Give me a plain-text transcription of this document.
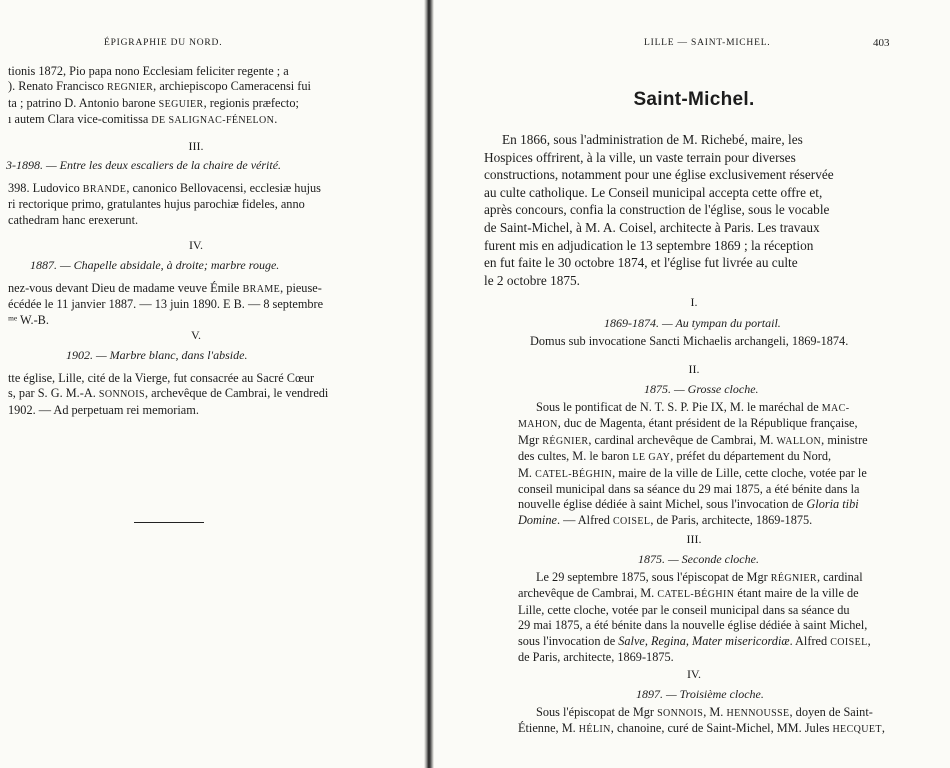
ÉPIGRAPHIE DU NORD.
tionis 1872, Pio papa nono Ecclesiam feliciter regente ; a
). Renato Francisco REGNIER, archiepiscopo Cameracensi fui
ta ; patrino D. Antonio barone SEGUIER, regionis præfecto;
ı autem Clara vice-comitissa DE SALIGNAC-FÉNELON.
III.
3-1898. — Entre les deux escaliers de la chaire de vérité.
398. Ludovico BRANDE, canonico Bellovacensi, ecclesiæ hujus
ri rectorique primo, gratulantes hujus parochiæ fideles, anno
cathedram hanc erexerunt.
IV.
1887. — Chapelle absidale, à droite; marbre rouge.
nez-vous devant Dieu de madame veuve Émile BRAME, pieuse-
écédée le 11 janvier 1887. — 13 juin 1890. E B. — 8 septembre
ᵐᵉ W.-B.
V.
1902. — Marbre blanc, dans l'abside.
tte église, Lille, cité de la Vierge, fut consacrée au Sacré Cœur
s, par S. G. M.-A. SONNOIS, archevêque de Cambrai, le vendredi
1902. — Ad perpetuam rei memoriam.
LILLE — SAINT-MICHEL.	403
Saint-Michel.
En 1866, sous l'administration de M. Richebé, maire, les
Hospices offrirent, à la ville, un vaste terrain pour diverses
constructions, notamment pour une église exclusivement réservée
au culte catholique. Le Conseil municipal accepta cette offre et,
après concours, confia la construction de l'église, sous le vocable
de Saint-Michel, à M. A. Coisel, architecte à Paris. Les travaux
furent mis en adjudication le 13 septembre 1869 ; la réception
en fut faite le 30 octobre 1874, et l'église fut livrée au culte
le 2 octobre 1875.
I.
1869-1874. — Au tympan du portail.
Domus sub invocatione Sancti Michaelis archangeli, 1869-1874.
II.
1875. — Grosse cloche.
Sous le pontificat de N. T. S. P. Pie IX, M. le maréchal de MAC-
MAHON, duc de Magenta, étant président de la République française,
Mgr RÉGNIER, cardinal archevêque de Cambrai, M. WALLON, ministre
des cultes, M. le baron LE GAY, préfet du département du Nord,
M. CATEL-BÉGHIN, maire de la ville de Lille, cette cloche, votée par le
conseil municipal dans sa séance du 29 mai 1875, a été bénite dans la
nouvelle église dédiée à saint Michel, sous l'invocation de Gloria tibi
Domine. — Alfred COISEL, de Paris, architecte, 1869-1875.
III.
1875. — Seconde cloche.
Le 29 septembre 1875, sous l'épiscopat de Mgr RÉGNIER, cardinal
archevêque de Cambrai, M. CATEL-BÉGHIN étant maire de la ville de
Lille, cette cloche, votée par le conseil municipal dans sa séance du
29 mai 1875, a été bénite dans la nouvelle église dédiée à saint Michel,
sous l'invocation de Salve, Regina, Mater misericordiæ. Alfred COISEL,
de Paris, architecte, 1869-1875.
IV.
1897. — Troisième cloche.
Sous l'épiscopat de Mgr SONNOIS, M. HENNOUSSE, doyen de Saint-
Étienne, M. HÉLIN, chanoine, curé de Saint-Michel, MM. Jules HECQUET,
